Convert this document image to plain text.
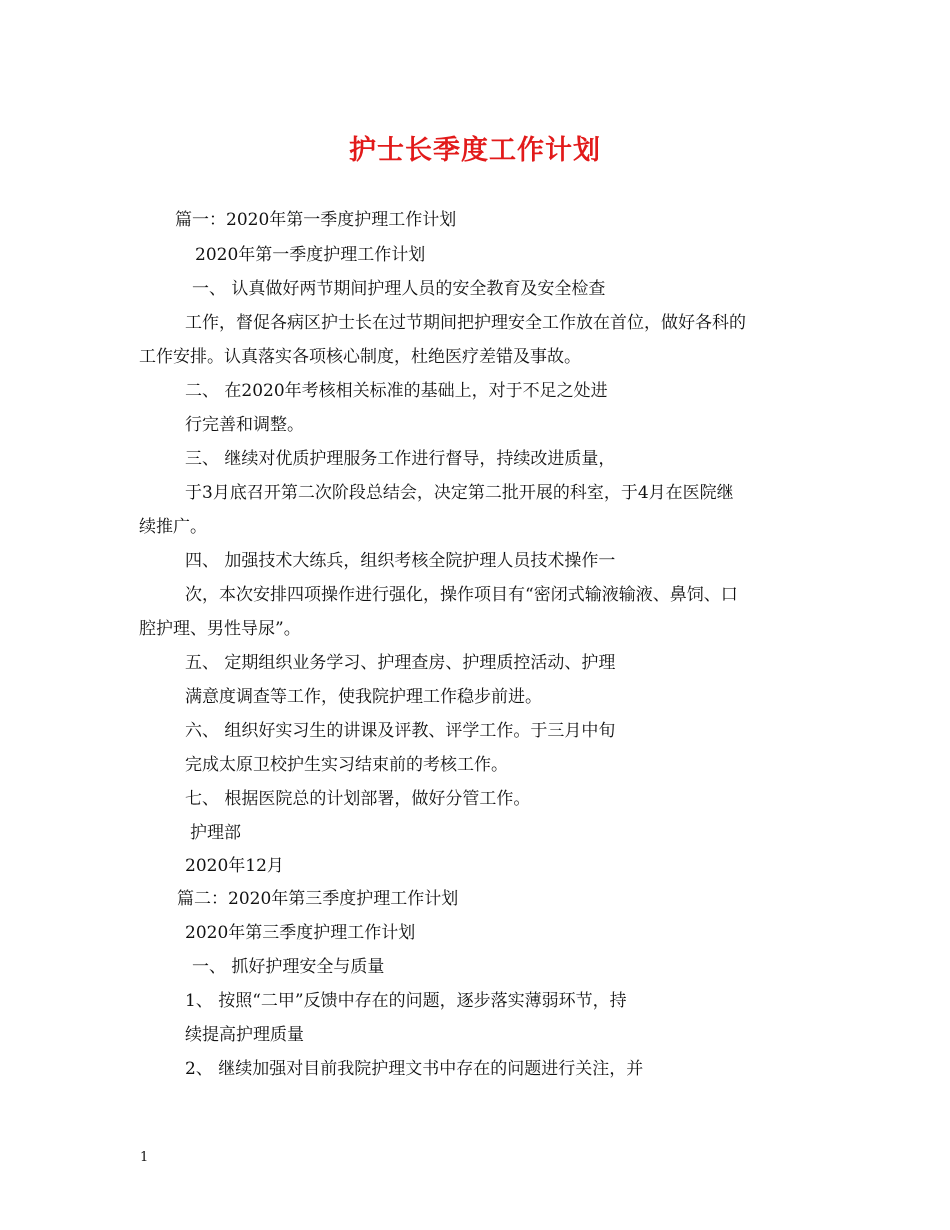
护士长季度工作计划
篇一：2020年第一季度护理工作计划
2020年第一季度护理工作计划
一、 认真做好两节期间护理人员的安全教育及安全检查
工作，督促各病区护士长在过节期间把护理安全工作放在首位，做好各科的
工作安排。认真落实各项核心制度，杜绝医疗差错及事故。
二、 在2020年考核相关标准的基础上，对于不足之处进
行完善和调整。
三、 继续对优质护理服务工作进行督导，持续改进质量，
于3月底召开第二次阶段总结会，决定第二批开展的科室，于4月在医院继
续推广。
四、 加强技术大练兵，组织考核全院护理人员技术操作一
次，本次安排四项操作进行强化，操作项目有“密闭式输液输液、鼻饲、口
腔护理、男性导尿”。
五、 定期组织业务学习、护理查房、护理质控活动、护理
满意度调查等工作，使我院护理工作稳步前进。
六、 组织好实习生的讲课及评教、评学工作。于三月中旬
完成太原卫校护生实习结束前的考核工作。
七、 根据医院总的计划部署，做好分管工作。
护理部
2020年12月
篇二：2020年第三季度护理工作计划
2020年第三季度护理工作计划
一、 抓好护理安全与质量
1、 按照“二甲”反馈中存在的问题，逐步落实薄弱环节，持
续提高护理质量
2、 继续加强对目前我院护理文书中存在的问题进行关注，并
1
